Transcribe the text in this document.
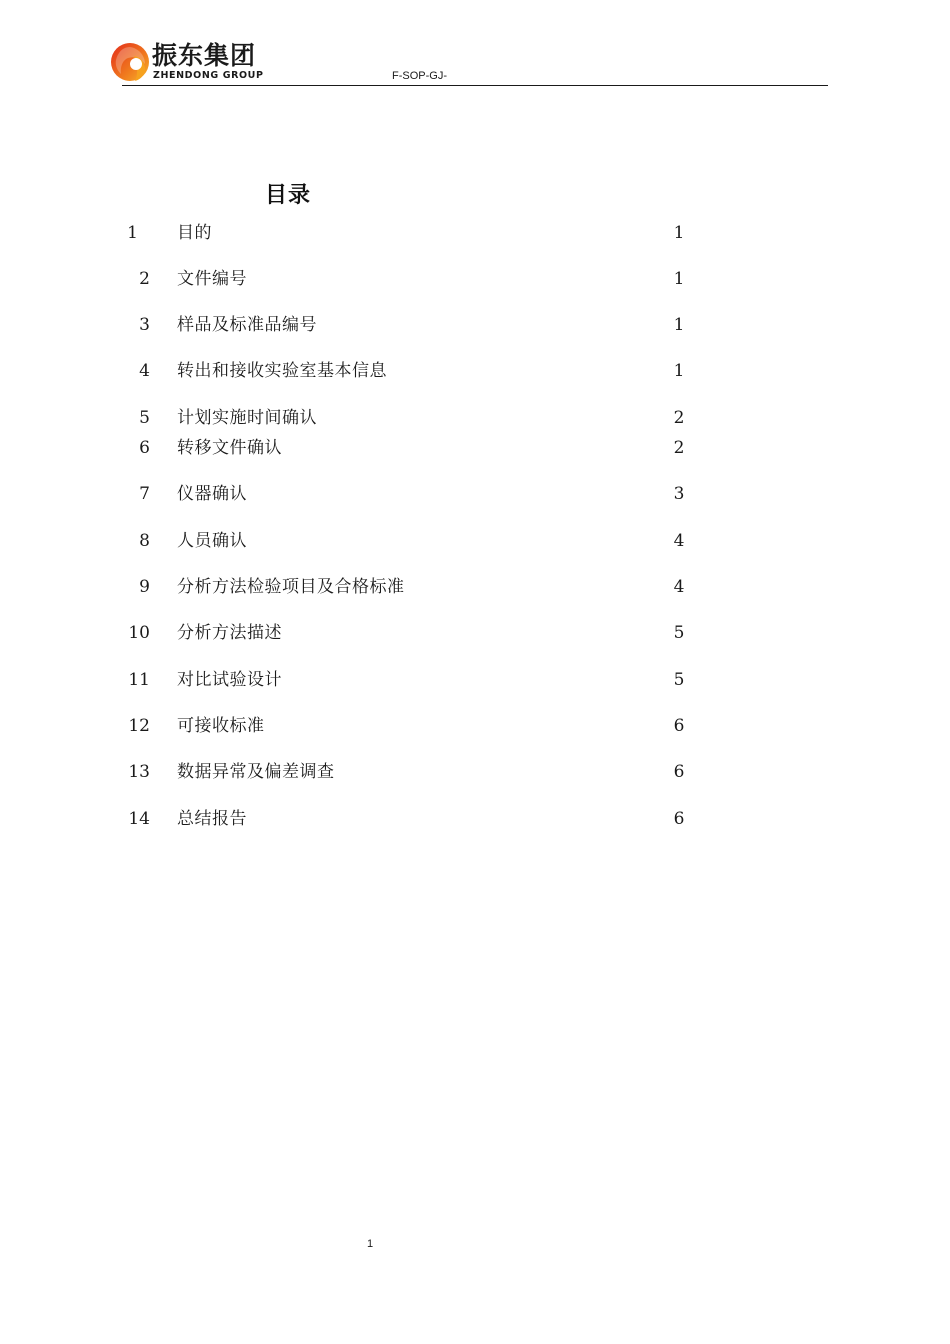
振东集团
ZHENDONG GROUP	F-SOP-GJ-
目录
1 目的	1
2 文件编号	1
3 样品及标准品编号	1
4 转出和接收实验室基本信息	1
5 计划实施时间确认	2
6 转移文件确认	2
7 仪器确认	3
8 人员确认	4
9 分析方法检验项目及合格标准	4
10 分析方法描述	5
11 对比试验设计	5
12 可接收标准	6
13 数据异常及偏差调查	6
14 总结报告	6
1
